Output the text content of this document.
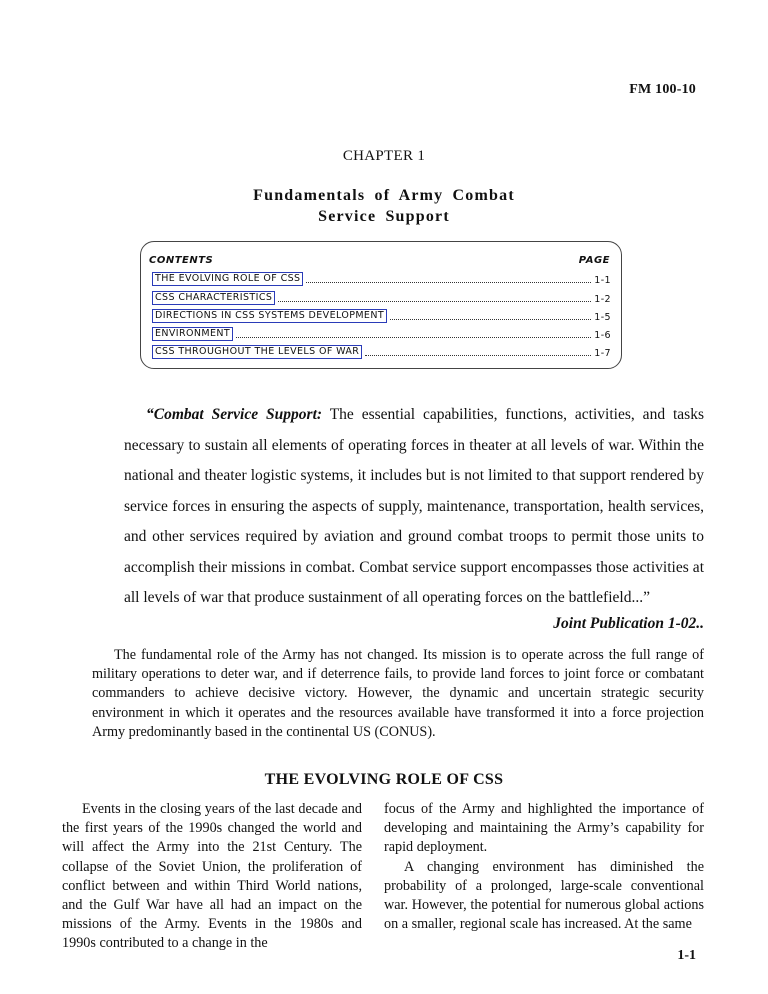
FM 100-10
CHAPTER 1
Fundamentals of Army Combat
Service Support
CONTENTS	PAGE
THE EVOLVING ROLE OF CSS	1-1
CSS CHARACTERISTICS	1-2
DIRECTIONS IN CSS SYSTEMS DEVELOPMENT	1-5
ENVIRONMENT	1-6
CSS THROUGHOUT THE LEVELS OF WAR	1-7
“Combat Service Support: The essential capabilities, functions, activities, and tasks necessary to sustain all elements of operating forces in theater at all levels of war. Within the national and theater logistic systems, it includes but is not limited to that support rendered by service forces in ensuring the aspects of supply, maintenance, transportation, health services, and other services required by aviation and ground combat troops to permit those units to accomplish their missions in combat. Combat service support encompasses those activities at all levels of war that produce sustainment of all operating forces on the battlefield...”
Joint Publication 1-02..
The fundamental role of the Army has not changed. Its mission is to operate across the full range of military operations to deter war, and if deterrence fails, to provide land forces to joint force or combatant commanders to achieve decisive victory. However, the dynamic and uncertain strategic security environment in which it operates and the resources available have transformed it into a force projection Army predominantly based in the continental US (CONUS).
THE EVOLVING ROLE OF CSS
Events in the closing years of the last decade and the first years of the 1990s changed the world and will affect the Army into the 21st Century. The collapse of the Soviet Union, the proliferation of conflict between and within Third World nations, and the Gulf War have all had an impact on the missions of the Army. Events in the 1980s and 1990s contributed to a change in the

focus of the Army and highlighted the importance of developing and maintaining the Army’s capability for rapid deployment.

A changing environment has diminished the probability of a prolonged, large-scale conventional war. However, the potential for numerous global actions on a smaller, regional scale has increased. At the same

1-1
